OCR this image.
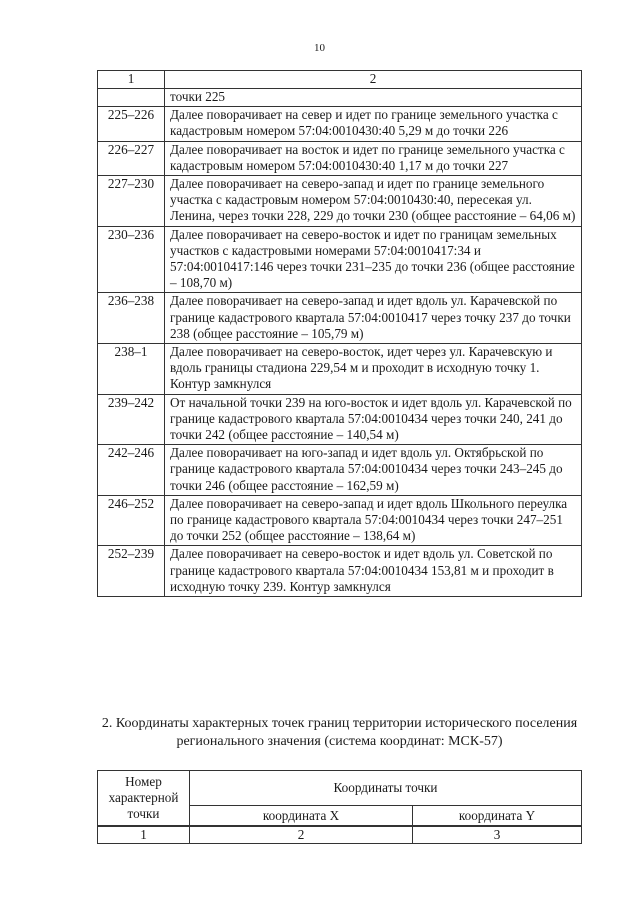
10
1	2
	точки 225
225–226	Далее поворачивает на север и идет по границе земельного участка с кадастровым номером 57:04:0010430:40 5,29 м до точки 226
226–227	Далее поворачивает на восток и идет по границе земельного участка с кадастровым номером 57:04:0010430:40 1,17 м до точки 227
227–230	Далее поворачивает на северо-запад и идет по границе земельного участка с кадастровым номером 57:04:0010430:40, пересекая ул. Ленина, через точки 228, 229 до точки 230 (общее расстояние – 64,06 м)
230–236	Далее поворачивает на северо-восток и идет по границам земельных участков с кадастровыми номерами 57:04:0010417:34 и 57:04:0010417:146 через точки 231–235 до точки 236 (общее расстояние – 108,70 м)
236–238	Далее поворачивает на северо-запад и идет вдоль ул. Карачевской по границе кадастрового квартала 57:04:0010417 через точку 237 до точки 238 (общее расстояние – 105,79 м)
238–1	Далее поворачивает на северо-восток, идет через ул. Карачевскую и вдоль границы стадиона 229,54 м и проходит в исходную точку 1. Контур замкнулся
239–242	От начальной точки 239 на юго-восток и идет вдоль ул. Карачевской по границе кадастрового квартала 57:04:0010434 через точки 240, 241 до точки 242 (общее расстояние – 140,54 м)
242–246	Далее поворачивает на юго-запад и идет вдоль ул. Октябрьской по границе кадастрового квартала 57:04:0010434 через точки 243–245 до точки 246 (общее расстояние – 162,59 м)
246–252	Далее поворачивает на северо-запад и идет вдоль Школьного переулка по границе кадастрового квартала 57:04:0010434 через точки 247–251 до точки 252 (общее расстояние – 138,64 м)
252–239	Далее поворачивает на северо-восток и идет вдоль ул. Советской по границе кадастрового квартала 57:04:0010434 153,81 м и проходит в исходную точку 239. Контур замкнулся
2. Координаты характерных точек границ территории исторического поселения регионального значения (система координат: МСК-57)
Номер характерной точки	Координаты точки	
	координата X	координата Y
1	2	3
